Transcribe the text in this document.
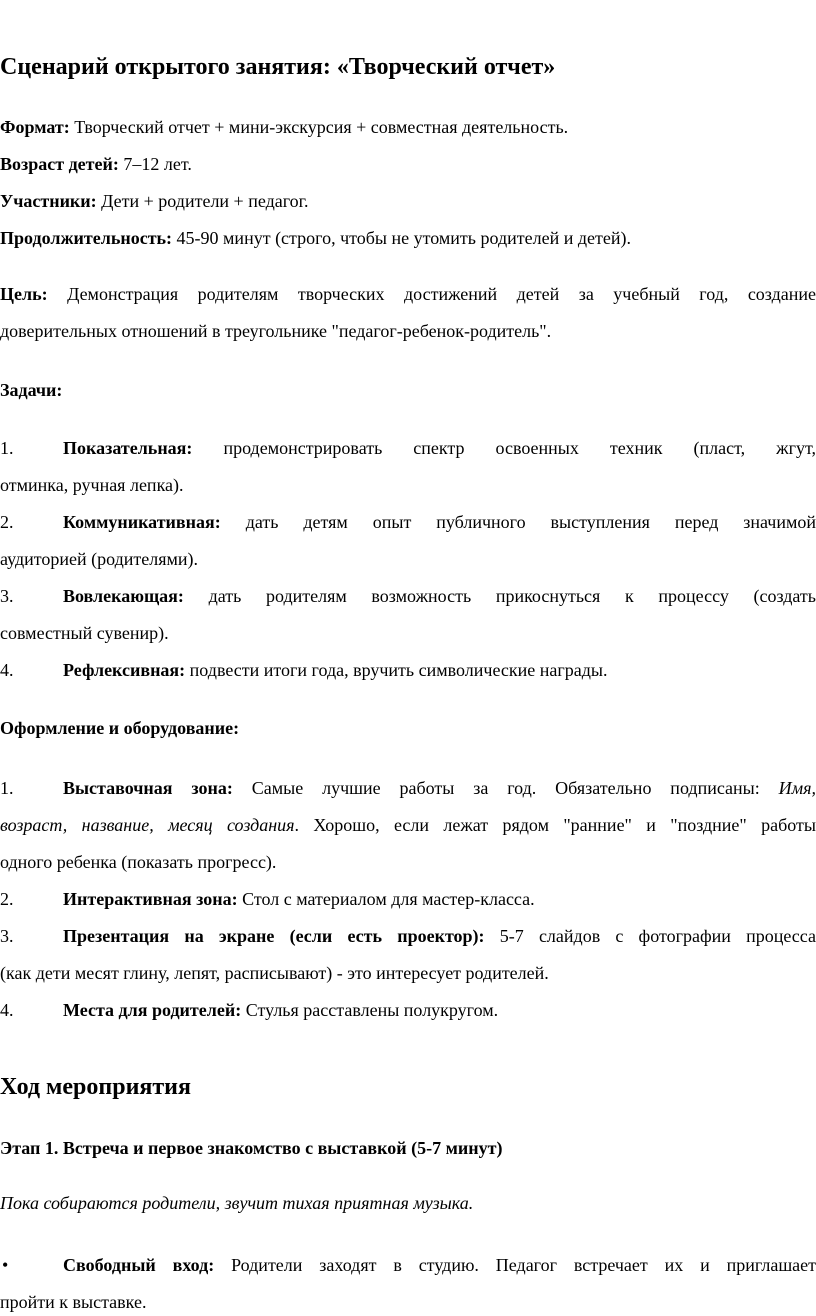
Сценарий открытого занятия: «Творческий отчет»
Формат: Творческий отчет + мини-экскурсия + совместная деятельность.
Возраст детей: 7–12 лет.
Участники: Дети + родители + педагог.
Продолжительность: 45-90 минут (строго, чтобы не утомить родителей и детей).
Цель: Демонстрация родителям творческих достижений детей за учебный год, создание
доверительных отношений в треугольнике "педагог-ребенок-родитель".
Задачи:
1.	Показательная: продемонстрировать спектр освоенных техник (пласт, жгут,
отминка, ручная лепка).
2.	Коммуникативная: дать детям опыт публичного выступления перед значимой
аудиторией (родителями).
3.	Вовлекающая: дать родителям возможность прикоснуться к процессу (создать
совместный сувенир).
4.	Рефлексивная: подвести итоги года, вручить символические награды.
Оформление и оборудование:
1.	Выставочная зона: Самые лучшие работы за год. Обязательно подписаны: Имя,
возраст, название, месяц создания. Хорошо, если лежат рядом "ранние" и "поздние" работы
одного ребенка (показать прогресс).
2.	Интерактивная зона: Стол с материалом для мастер-класса.
3.	Презентация на экране (если есть проектор): 5-7 слайдов с фотографии процесса
(как дети месят глину, лепят, расписывают) - это интересует родителей.
4.	Места для родителей: Стулья расставлены полукругом.
Ход мероприятия
Этап 1. Встреча и первое знакомство с выставкой (5-7 минут)
Пока собираются родители, звучит тихая приятная музыка.
•	Свободный вход: Родители заходят в студию. Педагог встречает их и приглашает
пройти к выставке.
